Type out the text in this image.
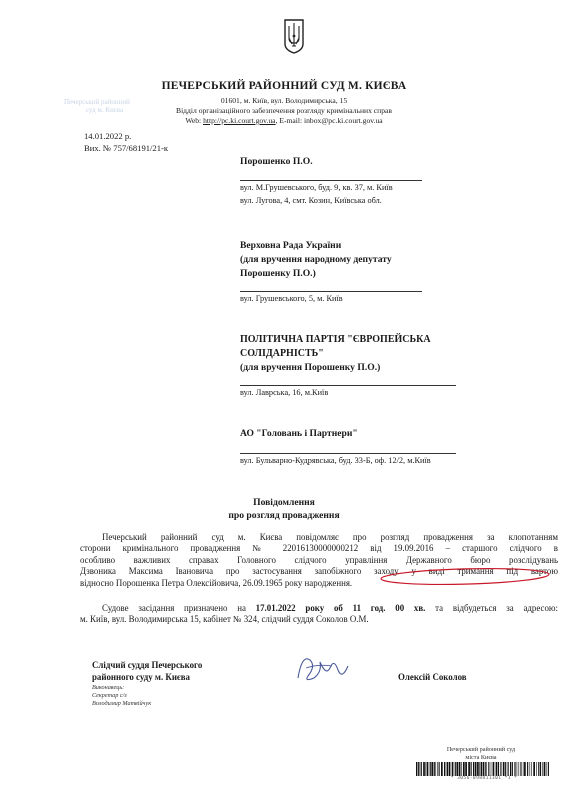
ПЕЧЕРСЬКИЙ РАЙОННИЙ СУД М. КИЄВА
01601, м. Київ, вул. Володимирська, 15
Відділ організаційного забезпечення розгляду кримінальних справ
Web: http://pc.ki.court.gov.ua, E-mail: inbox@pc.ki.court.gov.ua
Печерський районний
суд м. Києва
14.01.2022 р.
Вих. № 757/68191/21-к
Порошенко П.О.
вул. М.Грушевського, буд. 9, кв. 37, м. Київ
вул. Лугова, 4, смт. Козин, Київська обл.
Верховна Рада України
(для вручення народному депутату
Порошенку П.О.)
вул. Грушевського, 5, м. Київ
ПОЛІТИЧНА ПАРТІЯ "ЄВРОПЕЙСЬКА
СОЛІДАРНІСТЬ"
(для вручення Порошенку П.О.)
вул. Лаврська, 16, м.Київ
АО "Головань і Партнери"
вул. Бульварно-Кудрявська, буд. 33-Б, оф. 12/2, м.Київ
Повідомлення
про розгляд провадження
Печерський районний суд м. Києва повідомляє про розгляд провадження за клопотанням
сторони кримінального провадження № 22016130000000212 від 19.09.2016 – старшого слідчого в
особливо важливих справах Головного слідчого управління Державного бюро розслідувань
Дзвоника Максима Івановича про застосування запобіжного заходу у виді тримання під вартою
відносно Порошенка Петра Олексійовича, 26.09.1965 року народження.
Судове засідання призначено на 17.01.2022 року об 11 год. 00 хв. та відбудеться за адресою:
м. Київ, вул. Володимирська 15, кабінет № 324, слідчий суддя Соколов О.М.
Слідчий суддя Печерського
районного суду м. Києва
Виконавець:
Секретар с/з
Володимир Матвійчук
Олексій Соколов
Печерський районний суд
міста Києва
* 3056-098811301 *1 *
